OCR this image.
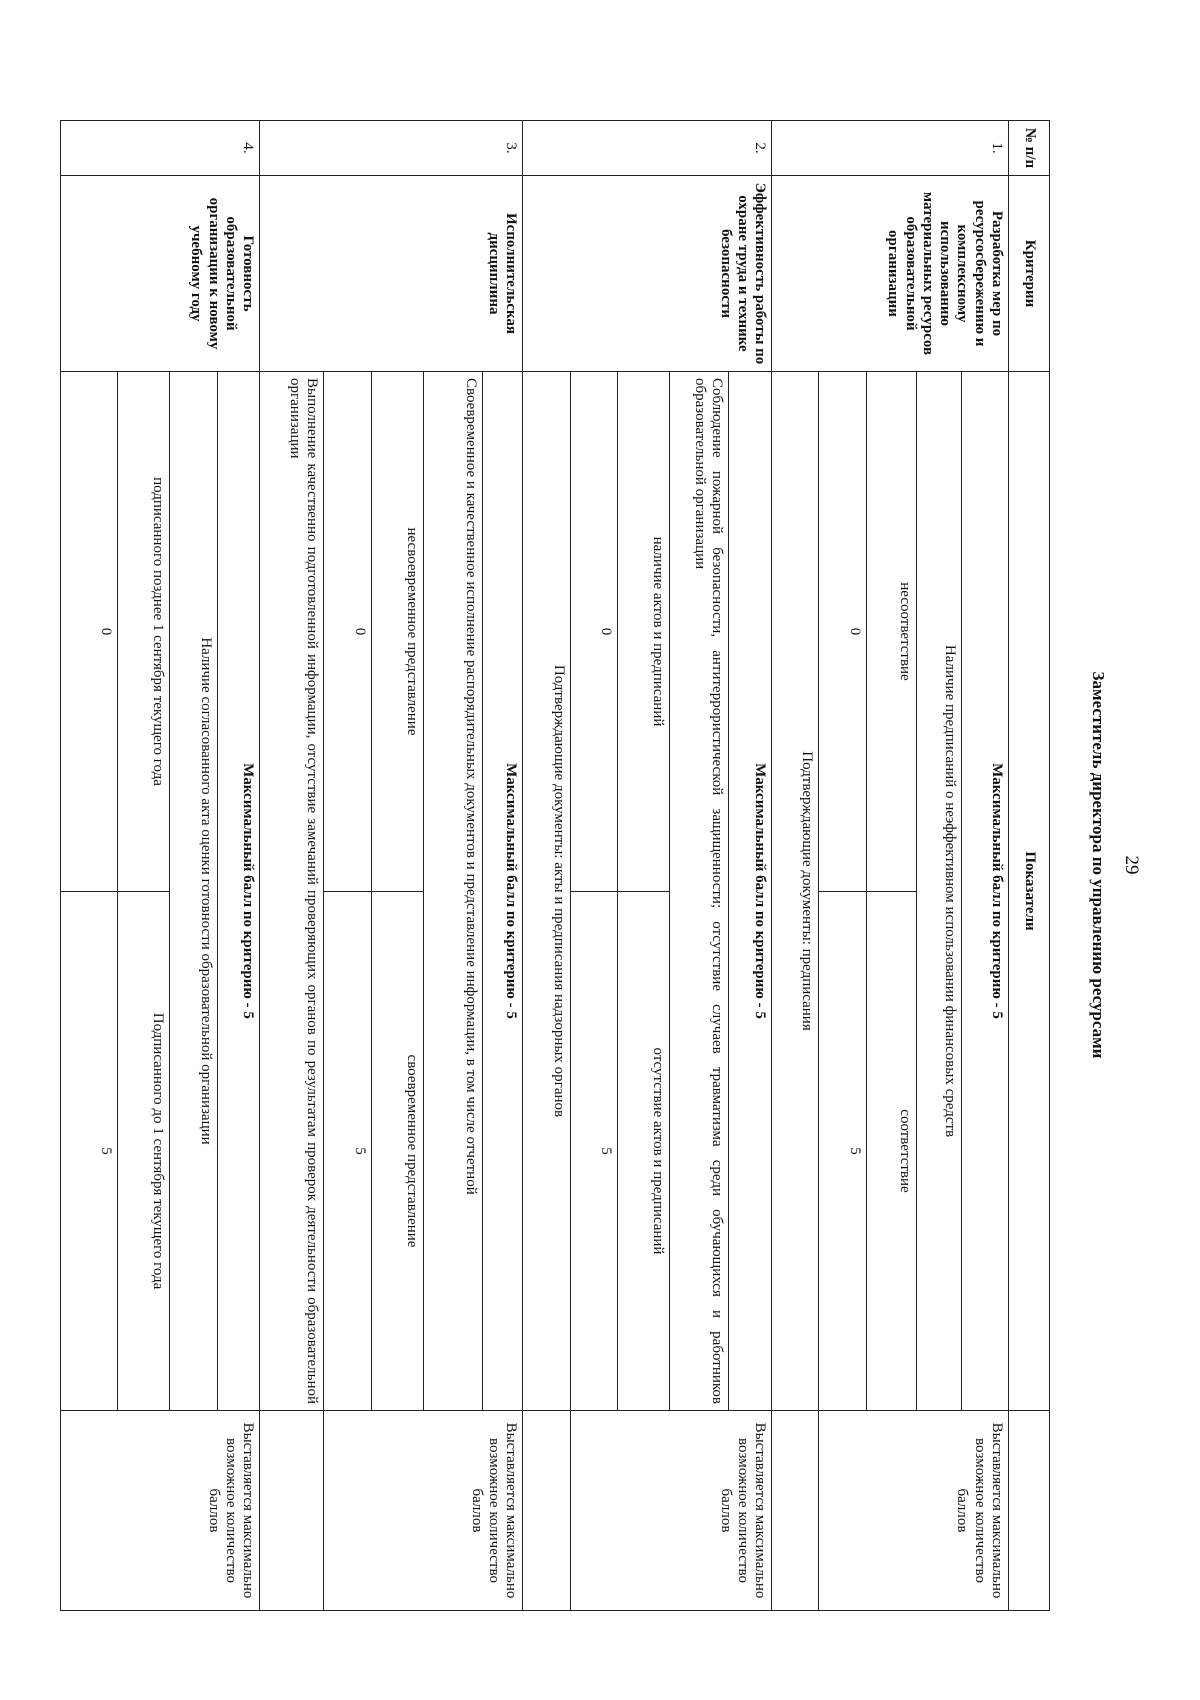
29
Заместитель директора по управлению ресурсами
№ п/п	Критерии	Показатели		
1.	Разработка мер по ресурсосбережению и комплексному использованию материальных ресурсов образовательной организации	Максимальный балл по критерию - 5		Выставляется максимально возможное количество баллов
		Наличие предписаний о неэффективном использовании финансовых средств		
		несоответствие	соответствие	
		0	5	
		Подтверждающие документы: предписания		
2.	Эффективность работы по охране труда и технике безопасности	Максимальный балл по критерию - 5		Выставляется максимально возможное количество баллов
		Соблюдение пожарной безопасности, антитеррористической защищенности; отсутствие случаев травматизма среди обучающихся и работников образовательной организации		
		наличие актов и предписаний	отсутствие актов и предписаний	
		0	5	
		Подтверждающие документы: акты и предписания надзорных органов		
3.	Исполнительская дисциплина	Максимальный балл по критерию - 5		Выставляется максимально возможное количество баллов
		Своевременное и качественное исполнение распорядительных документов и представление информации, в том числе отчетной		
		несвоевременное представление	своевременное представление	
		0	5	
		Выполнение качественно подготовленной информации, отсутствие замечаний проверяющих органов по результатам проверок деятельности образовательной организации		
4.	Готовность образовательной организации к новому учебному году	Максимальный балл по критерию - 5		Выставляется максимально возможное количество баллов
		Наличие согласованного акта оценки готовности образовательной организации		
		подписанного позднее 1 сентября текущего года	Подписанного до 1 сентября текущего года	
		0	5	
